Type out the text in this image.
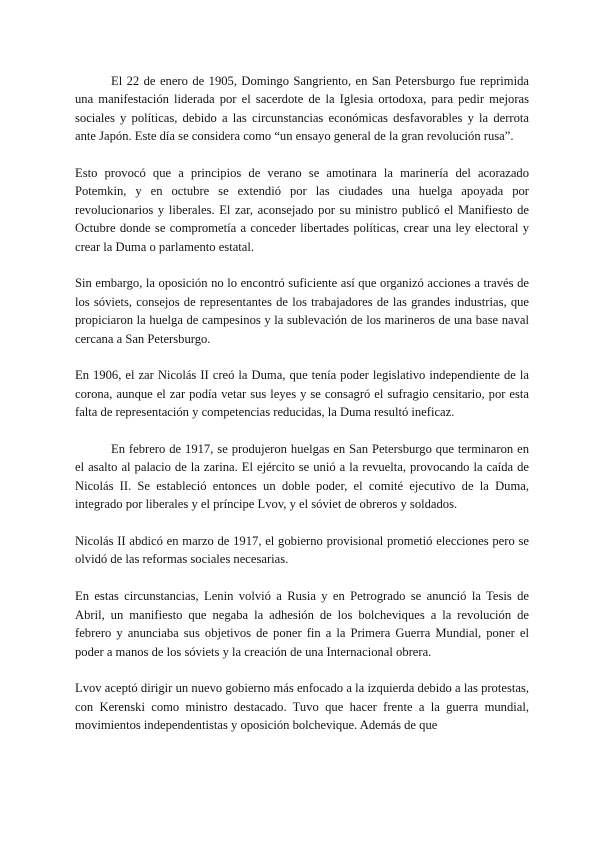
El 22 de enero de 1905, Domingo Sangriento, en San Petersburgo fue reprimida una manifestación liderada por el sacerdote de la Iglesia ortodoxa, para pedir mejoras sociales y políticas, debido a las circunstancias económicas desfavorables y la derrota ante Japón. Este día se considera como “un ensayo general de la gran revolución rusa”.

Esto provocó que a principios de verano se amotinara la marinería del acorazado Potemkin, y en octubre se extendió por las ciudades una huelga apoyada por revolucionarios y liberales. El zar, aconsejado por su ministro publicó el Manifiesto de Octubre donde se comprometía a conceder libertades políticas, crear una ley electoral y crear la Duma o parlamento estatal.

Sin embargo, la oposición no lo encontró suficiente así que organizó acciones a través de los sóviets, consejos de representantes de los trabajadores de las grandes industrias, que propiciaron la huelga de campesinos y la sublevación de los marineros de una base naval cercana a San Petersburgo.

En 1906, el zar Nicolás II creó la Duma, que tenía poder legislativo independiente de la corona, aunque el zar podía vetar sus leyes y se consagró el sufragio censitario, por esta falta de representación y competencias reducidas, la Duma resultó ineficaz.

En febrero de 1917, se produjeron huelgas en San Petersburgo que terminaron en el asalto al palacio de la zarina. El ejército se unió a la revuelta, provocando la caída de Nicolás II. Se estableció entonces un doble poder, el comité ejecutivo de la Duma, integrado por liberales y el príncipe Lvov, y el sóviet de obreros y soldados.

Nicolás II abdicó en marzo de 1917, el gobierno provisional prometió elecciones pero se olvidó de las reformas sociales necesarias.

En estas circunstancias, Lenin volvió a Rusia y en Petrogrado se anunció la Tesis de Abril, un manifiesto que negaba la adhesión de los bolcheviques a la revolución de febrero y anunciaba sus objetivos de poner fin a la Primera Guerra Mundial, poner el poder a manos de los sóviets y la creación de una Internacional obrera.

Lvov aceptó dirigir un nuevo gobierno más enfocado a la izquierda debido a las protestas, con Kerenski como ministro destacado. Tuvo que hacer frente a la guerra mundial, movimientos independentistas y oposición bolchevique. Además de que
